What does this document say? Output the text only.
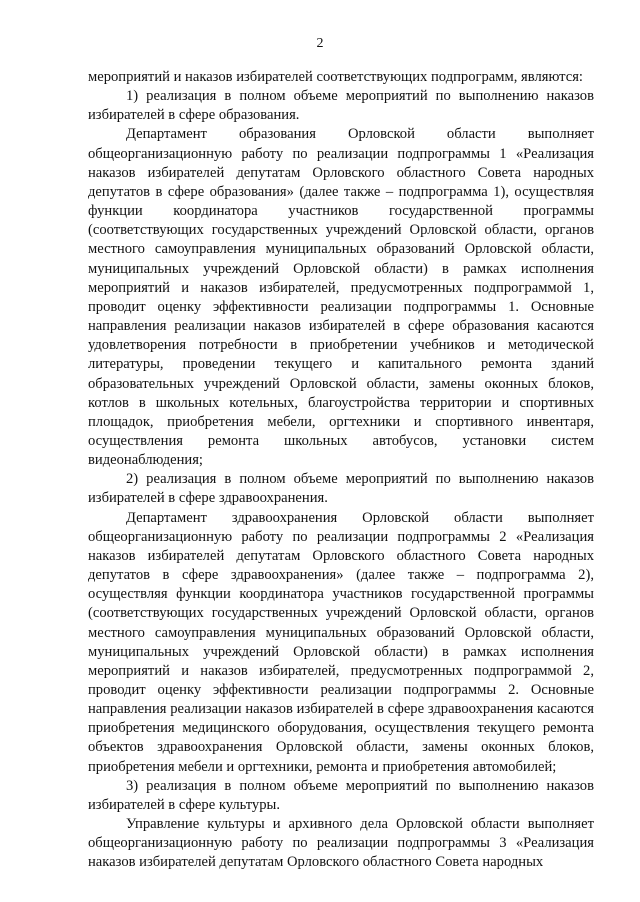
2

мероприятий и наказов избирателей соответствующих подпрограмм, являются:

1) реализация в полном объеме мероприятий по выполнению наказов избирателей в сфере образования.

Департамент образования Орловской области выполняет общеорганизационную работу по реализации подпрограммы 1 «Реализация наказов избирателей депутатам Орловского областного Совета народных депутатов в сфере образования» (далее также – подпрограмма 1), осуществляя функции координатора участников государственной программы (соответствующих государственных учреждений Орловской области, органов местного самоуправления муниципальных образований Орловской области, муниципальных учреждений Орловской области) в рамках исполнения мероприятий и наказов избирателей, предусмотренных подпрограммой 1, проводит оценку эффективности реализации подпрограммы 1. Основные направления реализации наказов избирателей в сфере образования касаются удовлетворения потребности в приобретении учебников и методической литературы, проведении текущего и капитального ремонта зданий образовательных учреждений Орловской области, замены оконных блоков, котлов в школьных котельных, благоустройства территории и спортивных площадок, приобретения мебели, оргтехники и спортивного инвентаря, осуществления ремонта школьных автобусов, установки систем видеонаблюдения;

2) реализация в полном объеме мероприятий по выполнению наказов избирателей в сфере здравоохранения.

Департамент здравоохранения Орловской области выполняет общеорганизационную работу по реализации подпрограммы 2 «Реализация наказов избирателей депутатам Орловского областного Совета народных депутатов в сфере здравоохранения» (далее также – подпрограмма 2), осуществляя функции координатора участников государственной программы (соответствующих государственных учреждений Орловской области, органов местного самоуправления муниципальных образований Орловской области, муниципальных учреждений Орловской области) в рамках исполнения мероприятий и наказов избирателей, предусмотренных подпрограммой 2, проводит оценку эффективности реализации подпрограммы 2. Основные направления реализации наказов избирателей в сфере здравоохранения касаются приобретения медицинского оборудования, осуществления текущего ремонта объектов здравоохранения Орловской области, замены оконных блоков, приобретения мебели и оргтехники, ремонта и приобретения автомобилей;

3) реализация в полном объеме мероприятий по выполнению наказов избирателей в сфере культуры.

Управление культуры и архивного дела Орловской области выполняет общеорганизационную работу по реализации подпрограммы 3 «Реализация наказов избирателей депутатам Орловского областного Совета народных
